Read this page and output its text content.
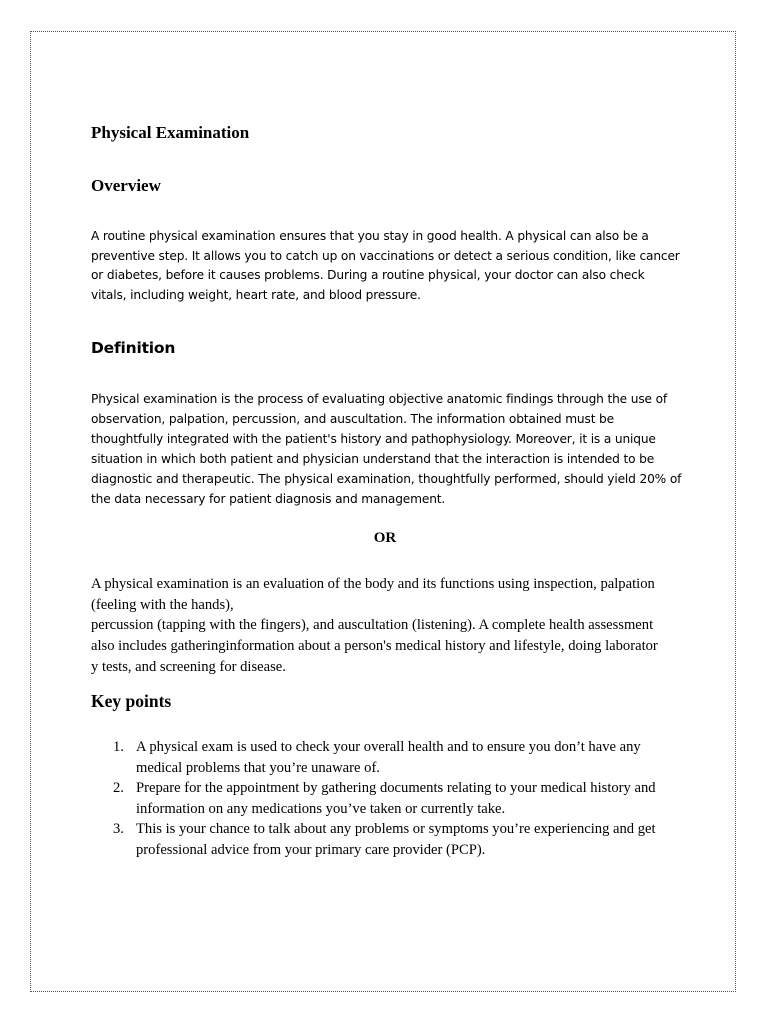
Physical Examination
Overview

A routine physical examination ensures that you stay in good health. A physical can also be a preventive step. It allows you to catch up on vaccinations or detect a serious condition, like cancer or diabetes, before it causes problems. During a routine physical, your doctor can also check vitals, including weight, heart rate, and blood pressure.

Definition

Physical examination is the process of evaluating objective anatomic findings through the use of observation, palpation, percussion, and auscultation. The information obtained must be thoughtfully integrated with the patient's history and pathophysiology. Moreover, it is a unique situation in which both patient and physician understand that the interaction is intended to be diagnostic and therapeutic. The physical examination, thoughtfully performed, should yield 20% of the data necessary for patient diagnosis and management.

OR
A physical examination is an evaluation of the body and its functions using inspection, palpation
(feeling with the hands),
percussion (tapping with the fingers), and auscultation (listening). A complete health assessment
also includes gatheringinformation about a person's medical history and lifestyle, doing laborator
y tests, and screening for disease.
Key points
1. A physical exam is used to check your overall health and to ensure you don’t have any medical problems that you’re unaware of.
2. Prepare for the appointment by gathering documents relating to your medical history and information on any medications you’ve taken or currently take.
3. This is your chance to talk about any problems or symptoms you’re experiencing and get professional advice from your primary care provider (PCP).
